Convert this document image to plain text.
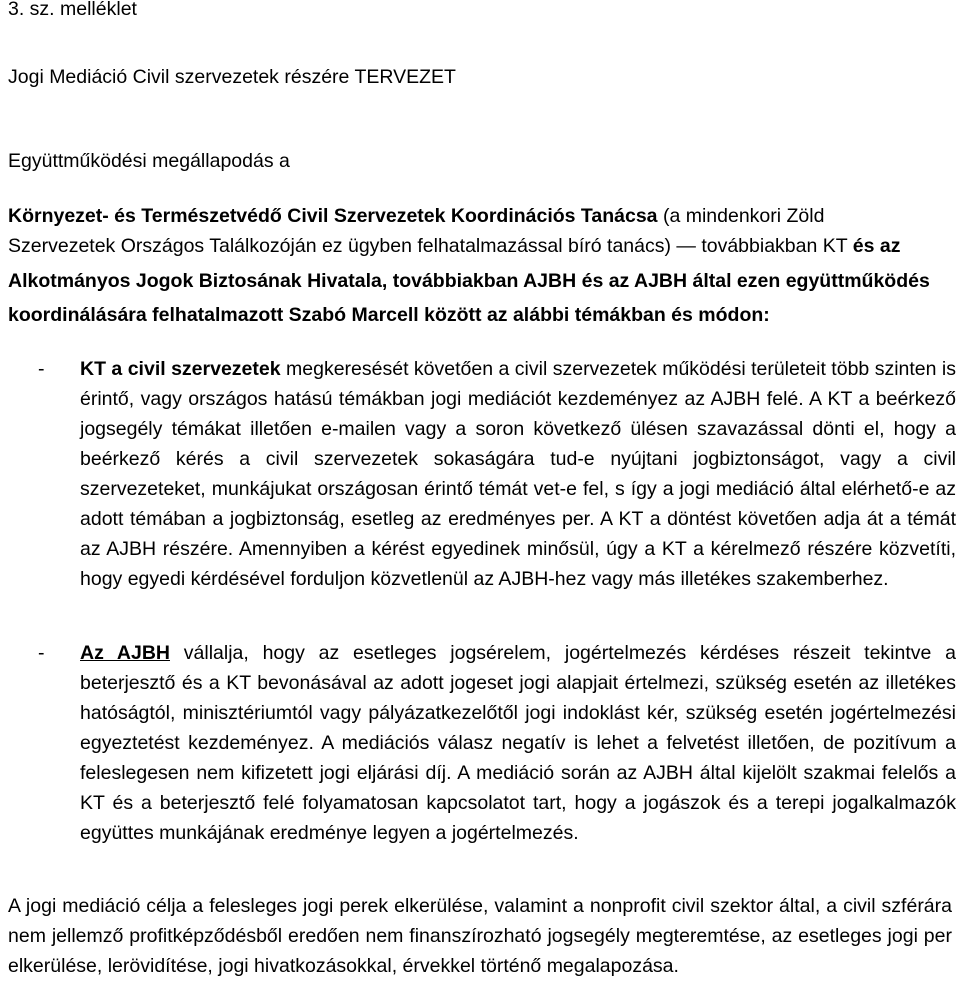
3. sz. melléklet
Jogi Mediáció Civil szervezetek részére TERVEZET
Együttműködési megállapodás a
Környezet- és Természetvédő Civil Szervezetek Koordinációs Tanácsa (a mindenkori Zöld
Szervezetek Országos Találkozóján ez ügyben felhatalmazással bíró tanács) — továbbiakban KT és az
Alkotmányos Jogok Biztosának Hivatala, továbbiakban AJBH és az AJBH által ezen együttműködés
koordinálására felhatalmazott Szabó Marcell között az alábbi témákban és módon:
- KT a civil szervezetek megkeresését követően a civil szervezetek működési területeit több szinten is érintő, vagy országos hatású témákban jogi mediációt kezdeményez az AJBH felé. A KT a beérkező jogsegély témákat illetően e-mailen vagy a soron következő ülésen szavazással dönti el, hogy a beérkező kérés a civil szervezetek sokaságára tud-e nyújtani jogbiztonságot, vagy a civil szervezeteket, munkájukat országosan érintő témát vet-e fel, s így a jogi mediáció által elérhető-e az adott témában a jogbiztonság, esetleg az eredményes per. A KT a döntést követően adja át a témát az AJBH részére. Amennyiben a kérést egyedinek minősül, úgy a KT a kérelmező részére közvetíti, hogy egyedi kérdésével forduljon közvetlenül az AJBH-hez vagy más illetékes szakemberhez.

- Az AJBH vállalja, hogy az esetleges jogsérelem, jogértelmezés kérdéses részeit tekintve a beterjesztő és a KT bevonásával az adott jogeset jogi alapjait értelmezi, szükség esetén az illetékes hatóságtól, minisztériumtól vagy pályázatkezelőtől jogi indoklást kér, szükség esetén jogértelmezési egyeztetést kezdeményez. A mediációs válasz negatív is lehet a felvetést illetően, de pozitívum a feleslegesen nem kifizetett jogi eljárási díj. A mediáció során az AJBH által kijelölt szakmai felelős a KT és a beterjesztő felé folyamatosan kapcsolatot tart, hogy a jogászok és a terepi jogalkalmazók együttes munkájának eredménye legyen a jogértelmezés.

A jogi mediáció célja a felesleges jogi perek elkerülése, valamint a nonprofit civil szektor által, a civil szférára nem jellemző profitképződésből eredően nem finanszírozható jogsegély megteremtése, az esetleges jogi per elkerülése, lerövidítése, jogi hivatkozásokkal, érvekkel történő megalapozása.
